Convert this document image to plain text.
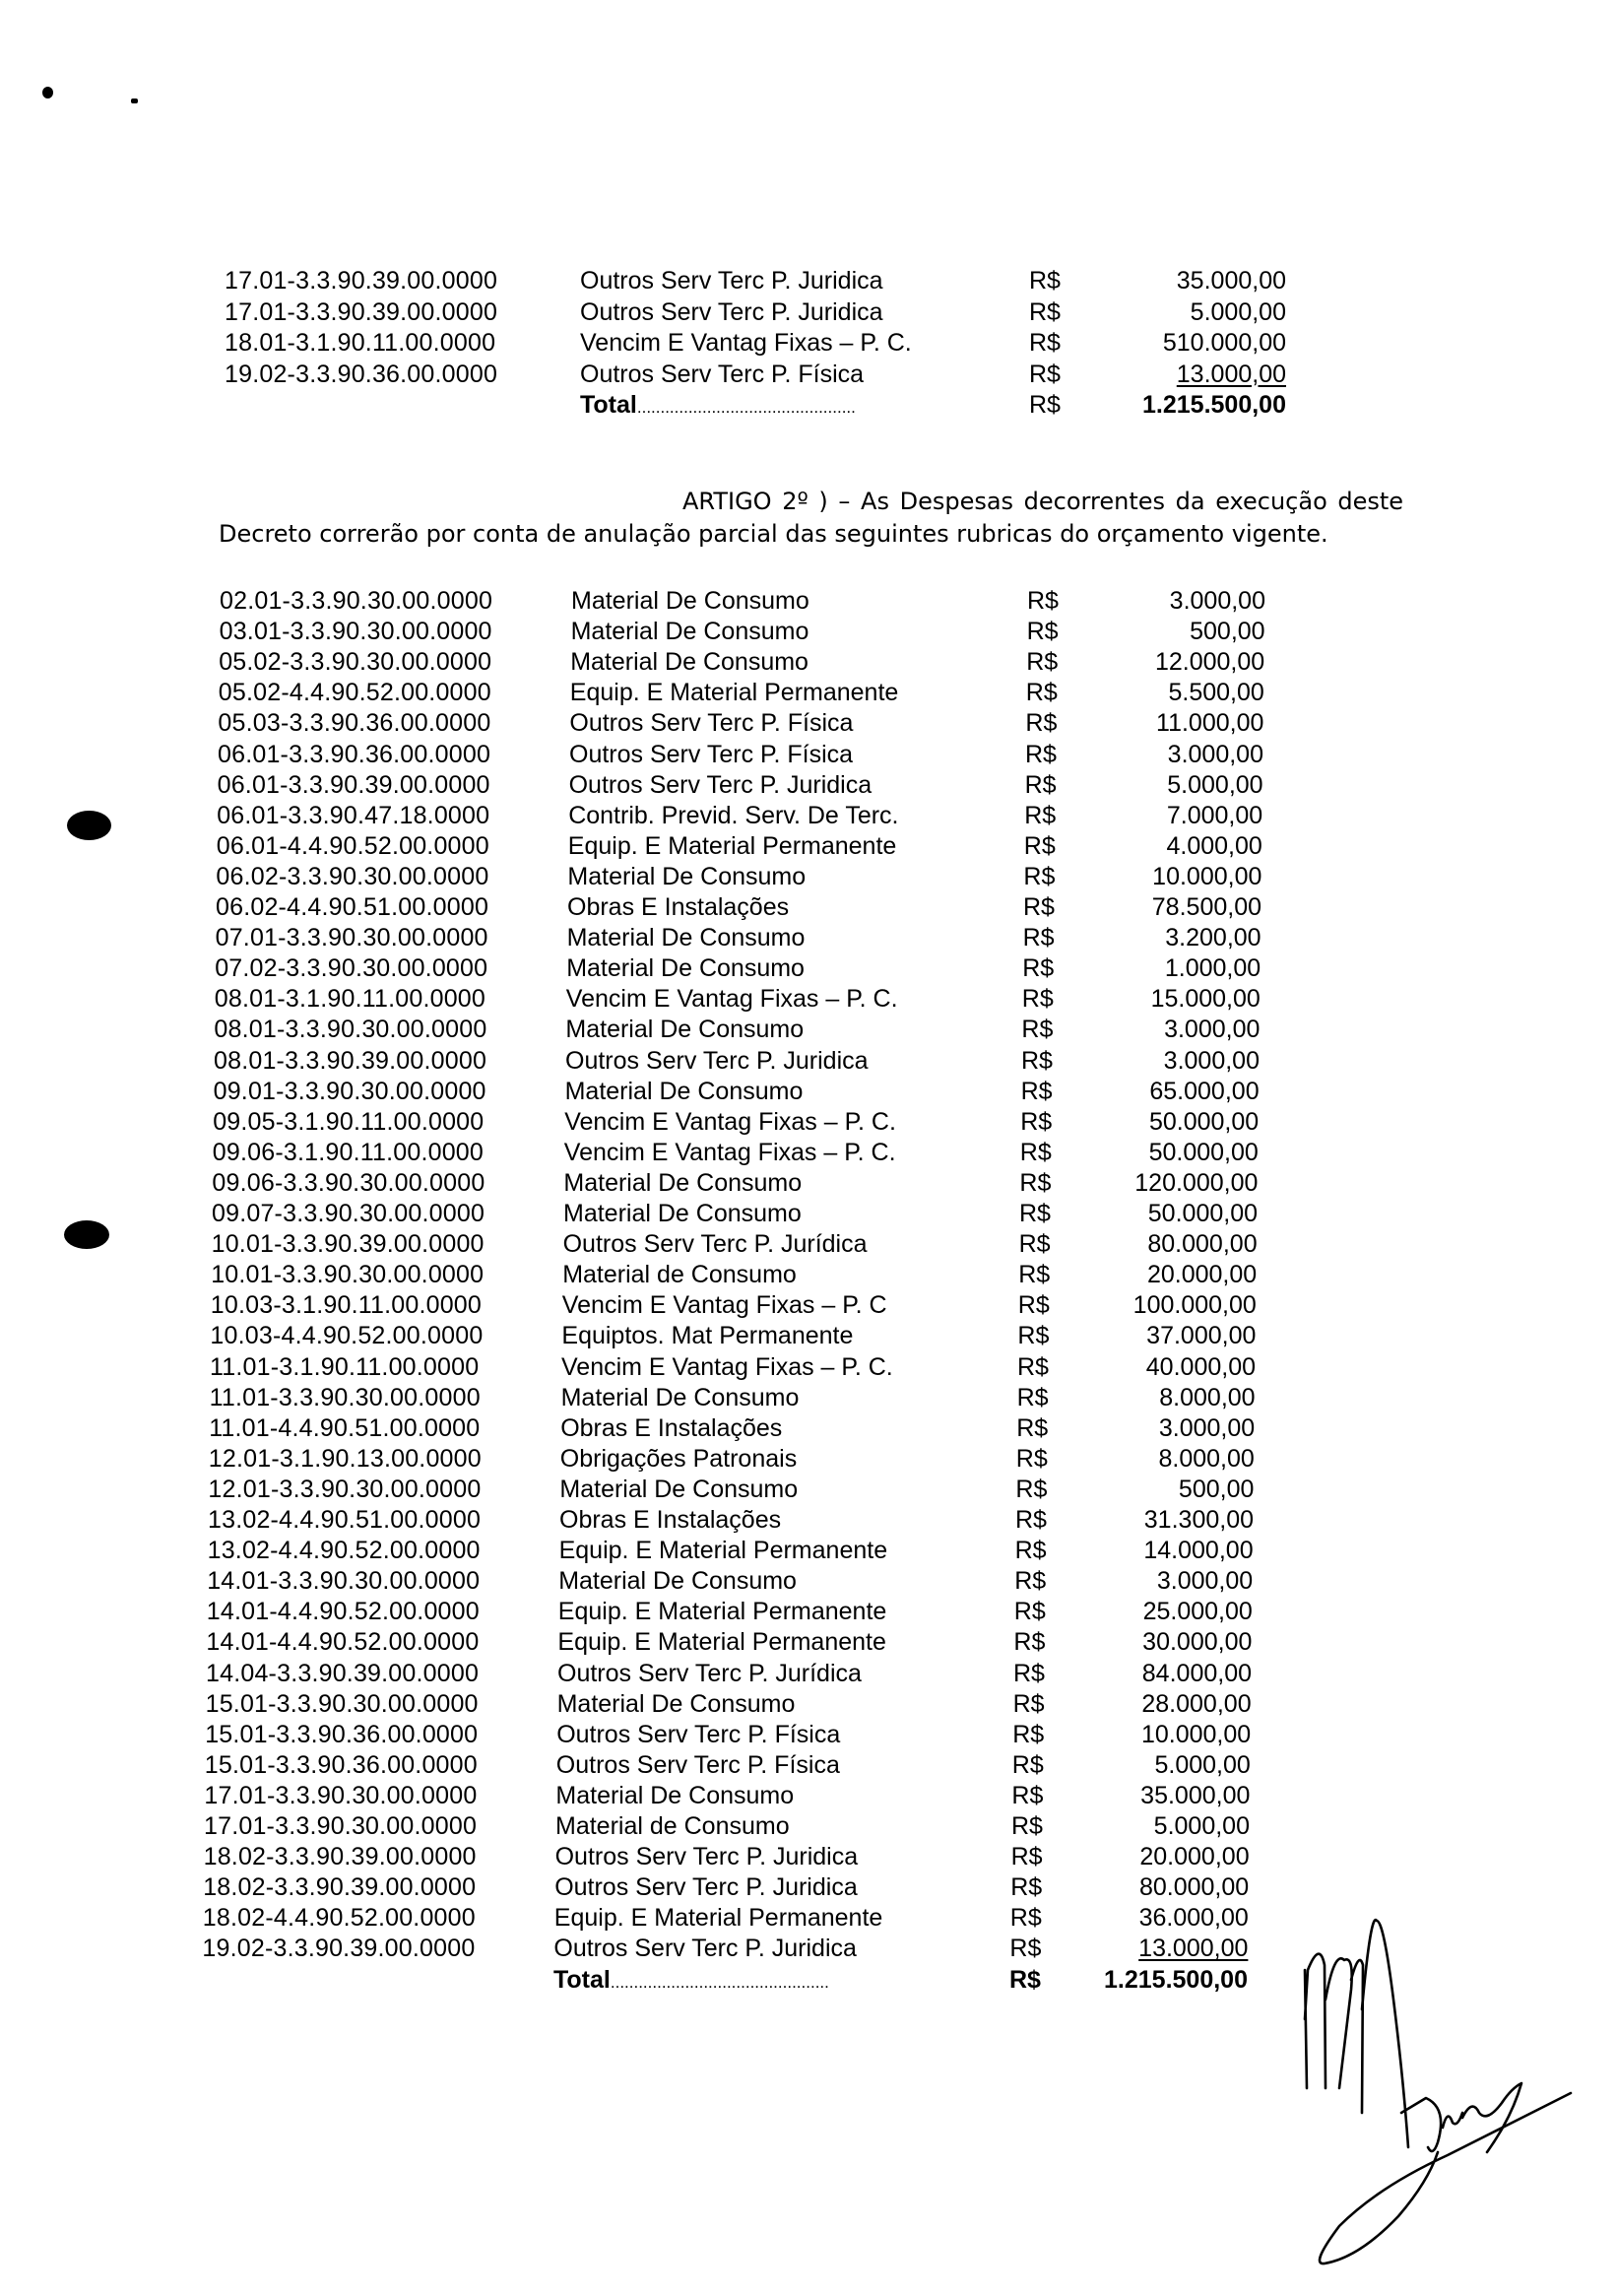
17.01-3.3.90.39.00.0000	Outros Serv Terc P. Juridica	R$	35.000,00
17.01-3.3.90.39.00.0000	Outros Serv Terc P. Juridica	R$	5.000,00
18.01-3.1.90.11.00.0000	Vencim E Vantag Fixas – P. C.	R$	510.000,00
19.02-3.3.90.36.00.0000	Outros Serv Terc P. Física	R$	13.000,00
Total...............................................	R$	1.215.500,00
ARTIGO 2º ) – As Despesas decorrentes da execução deste
Decreto correrão por conta de anulação parcial das seguintes rubricas do orçamento vigente.
02.01-3.3.90.30.00.0000	Material De Consumo	R$	3.000,00
03.01-3.3.90.30.00.0000	Material De Consumo	R$	500,00
05.02-3.3.90.30.00.0000	Material De Consumo	R$	12.000,00
05.02-4.4.90.52.00.0000	Equip. E Material Permanente	R$	5.500,00
05.03-3.3.90.36.00.0000	Outros Serv Terc P. Física	R$	11.000,00
06.01-3.3.90.36.00.0000	Outros Serv Terc P. Física	R$	3.000,00
06.01-3.3.90.39.00.0000	Outros Serv Terc P. Juridica	R$	5.000,00
06.01-3.3.90.47.18.0000	Contrib. Previd. Serv. De Terc.	R$	7.000,00
06.01-4.4.90.52.00.0000	Equip. E Material Permanente	R$	4.000,00
06.02-3.3.90.30.00.0000	Material De Consumo	R$	10.000,00
06.02-4.4.90.51.00.0000	Obras E Instalações	R$	78.500,00
07.01-3.3.90.30.00.0000	Material De Consumo	R$	3.200,00
07.02-3.3.90.30.00.0000	Material De Consumo	R$	1.000,00
08.01-3.1.90.11.00.0000	Vencim E Vantag Fixas – P. C.	R$	15.000,00
08.01-3.3.90.30.00.0000	Material De Consumo	R$	3.000,00
08.01-3.3.90.39.00.0000	Outros Serv Terc P. Juridica	R$	3.000,00
09.01-3.3.90.30.00.0000	Material De Consumo	R$	65.000,00
09.05-3.1.90.11.00.0000	Vencim E Vantag Fixas – P. C.	R$	50.000,00
09.06-3.1.90.11.00.0000	Vencim E Vantag Fixas – P. C.	R$	50.000,00
09.06-3.3.90.30.00.0000	Material De Consumo	R$	120.000,00
09.07-3.3.90.30.00.0000	Material De Consumo	R$	50.000,00
10.01-3.3.90.39.00.0000	Outros Serv Terc P. Jurídica	R$	80.000,00
10.01-3.3.90.30.00.0000	Material de Consumo	R$	20.000,00
10.03-3.1.90.11.00.0000	Vencim E Vantag Fixas – P. C	R$	100.000,00
10.03-4.4.90.52.00.0000	Equiptos. Mat Permanente	R$	37.000,00
11.01-3.1.90.11.00.0000	Vencim E Vantag Fixas – P. C.	R$	40.000,00
11.01-3.3.90.30.00.0000	Material De Consumo	R$	8.000,00
11.01-4.4.90.51.00.0000	Obras E Instalações	R$	3.000,00
12.01-3.1.90.13.00.0000	Obrigações Patronais	R$	8.000,00
12.01-3.3.90.30.00.0000	Material De Consumo	R$	500,00
13.02-4.4.90.51.00.0000	Obras E Instalações	R$	31.300,00
13.02-4.4.90.52.00.0000	Equip. E Material Permanente	R$	14.000,00
14.01-3.3.90.30.00.0000	Material De Consumo	R$	3.000,00
14.01-4.4.90.52.00.0000	Equip. E Material Permanente	R$	25.000,00
14.01-4.4.90.52.00.0000	Equip. E Material Permanente	R$	30.000,00
14.04-3.3.90.39.00.0000	Outros Serv Terc P. Jurídica	R$	84.000,00
15.01-3.3.90.30.00.0000	Material De Consumo	R$	28.000,00
15.01-3.3.90.36.00.0000	Outros Serv Terc P. Física	R$	10.000,00
15.01-3.3.90.36.00.0000	Outros Serv Terc P. Física	R$	5.000,00
17.01-3.3.90.30.00.0000	Material De Consumo	R$	35.000,00
17.01-3.3.90.30.00.0000	Material de Consumo	R$	5.000,00
18.02-3.3.90.39.00.0000	Outros Serv Terc P. Juridica	R$	20.000,00
18.02-3.3.90.39.00.0000	Outros Serv Terc P. Juridica	R$	80.000,00
18.02-4.4.90.52.00.0000	Equip. E Material Permanente	R$	36.000,00
19.02-3.3.90.39.00.0000	Outros Serv Terc P. Juridica	R$	13.000,00
Total...............................................	R$	1.215.500,00
